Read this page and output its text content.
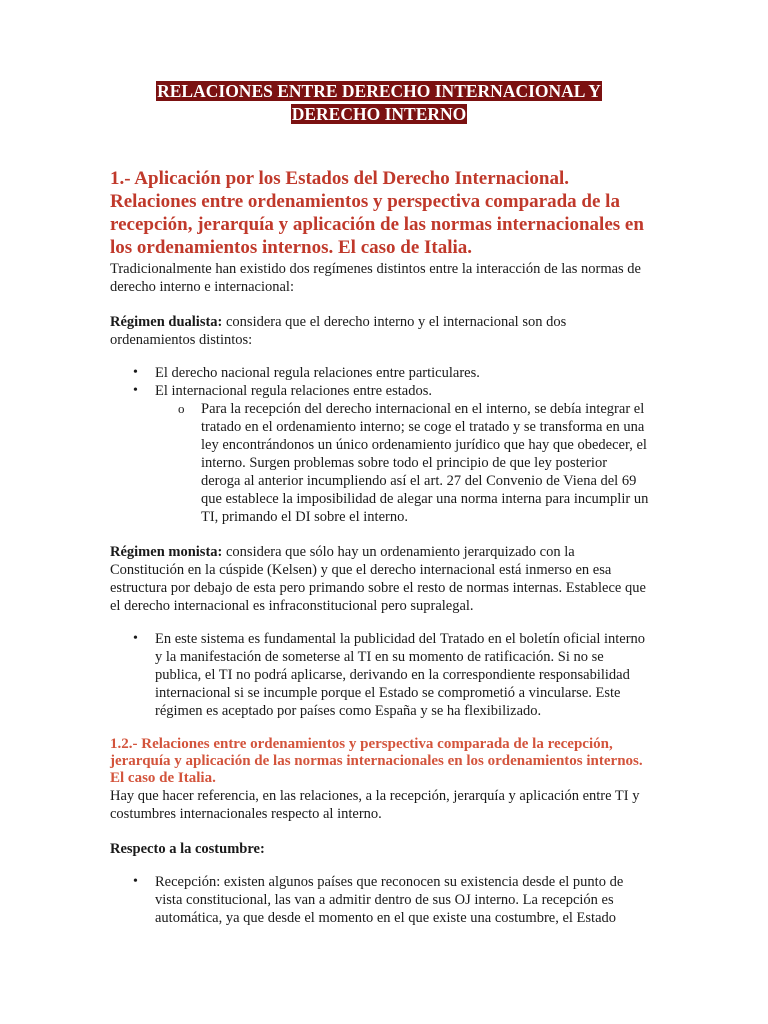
RELACIONES ENTRE DERECHO INTERNACIONAL Y
DERECHO INTERNO
1.- Aplicación por los Estados del Derecho Internacional. Relaciones entre ordenamientos y perspectiva comparada de la recepción, jerarquía y aplicación de las normas internacionales en los ordenamientos internos. El caso de Italia.

Tradicionalmente han existido dos regímenes distintos entre la interacción de las normas de derecho interno e internacional:

Régimen dualista: considera que el derecho interno y el internacional son dos ordenamientos distintos:

• El derecho nacional regula relaciones entre particulares.
• El internacional regula relaciones entre estados.
o Para la recepción del derecho internacional en el interno, se debía integrar el tratado en el ordenamiento interno; se coge el tratado y se transforma en una ley encontrándonos un único ordenamiento jurídico que hay que obedecer, el interno. Surgen problemas sobre todo el principio de que ley posterior deroga al anterior incumpliendo así el art. 27 del Convenio de Viena del 69 que establece la imposibilidad de alegar una norma interna para incumplir un TI, primando el DI sobre el interno.

Régimen monista: considera que sólo hay un ordenamiento jerarquizado con la Constitución en la cúspide (Kelsen) y que el derecho internacional está inmerso en esa estructura por debajo de esta pero primando sobre el resto de normas internas. Establece que el derecho internacional es infraconstitucional pero supralegal.

• En este sistema es fundamental la publicidad del Tratado en el boletín oficial interno y la manifestación de someterse al TI en su momento de ratificación. Si no se publica, el TI no podrá aplicarse, derivando en la correspondiente responsabilidad internacional si se incumple porque el Estado se comprometió a vincularse. Este régimen es aceptado por países como España y se ha flexibilizado.
1.2.- Relaciones entre ordenamientos y perspectiva comparada de la recepción, jerarquía y aplicación de las normas internacionales en los ordenamientos internos. El caso de Italia.

Hay que hacer referencia, en las relaciones, a la recepción, jerarquía y aplicación entre TI y costumbres internacionales respecto al interno.

Respecto a la costumbre:

• Recepción: existen algunos países que reconocen su existencia desde el punto de vista constitucional, las van a admitir dentro de sus OJ interno. La recepción es automática, ya que desde el momento en el que existe una costumbre, el Estado
